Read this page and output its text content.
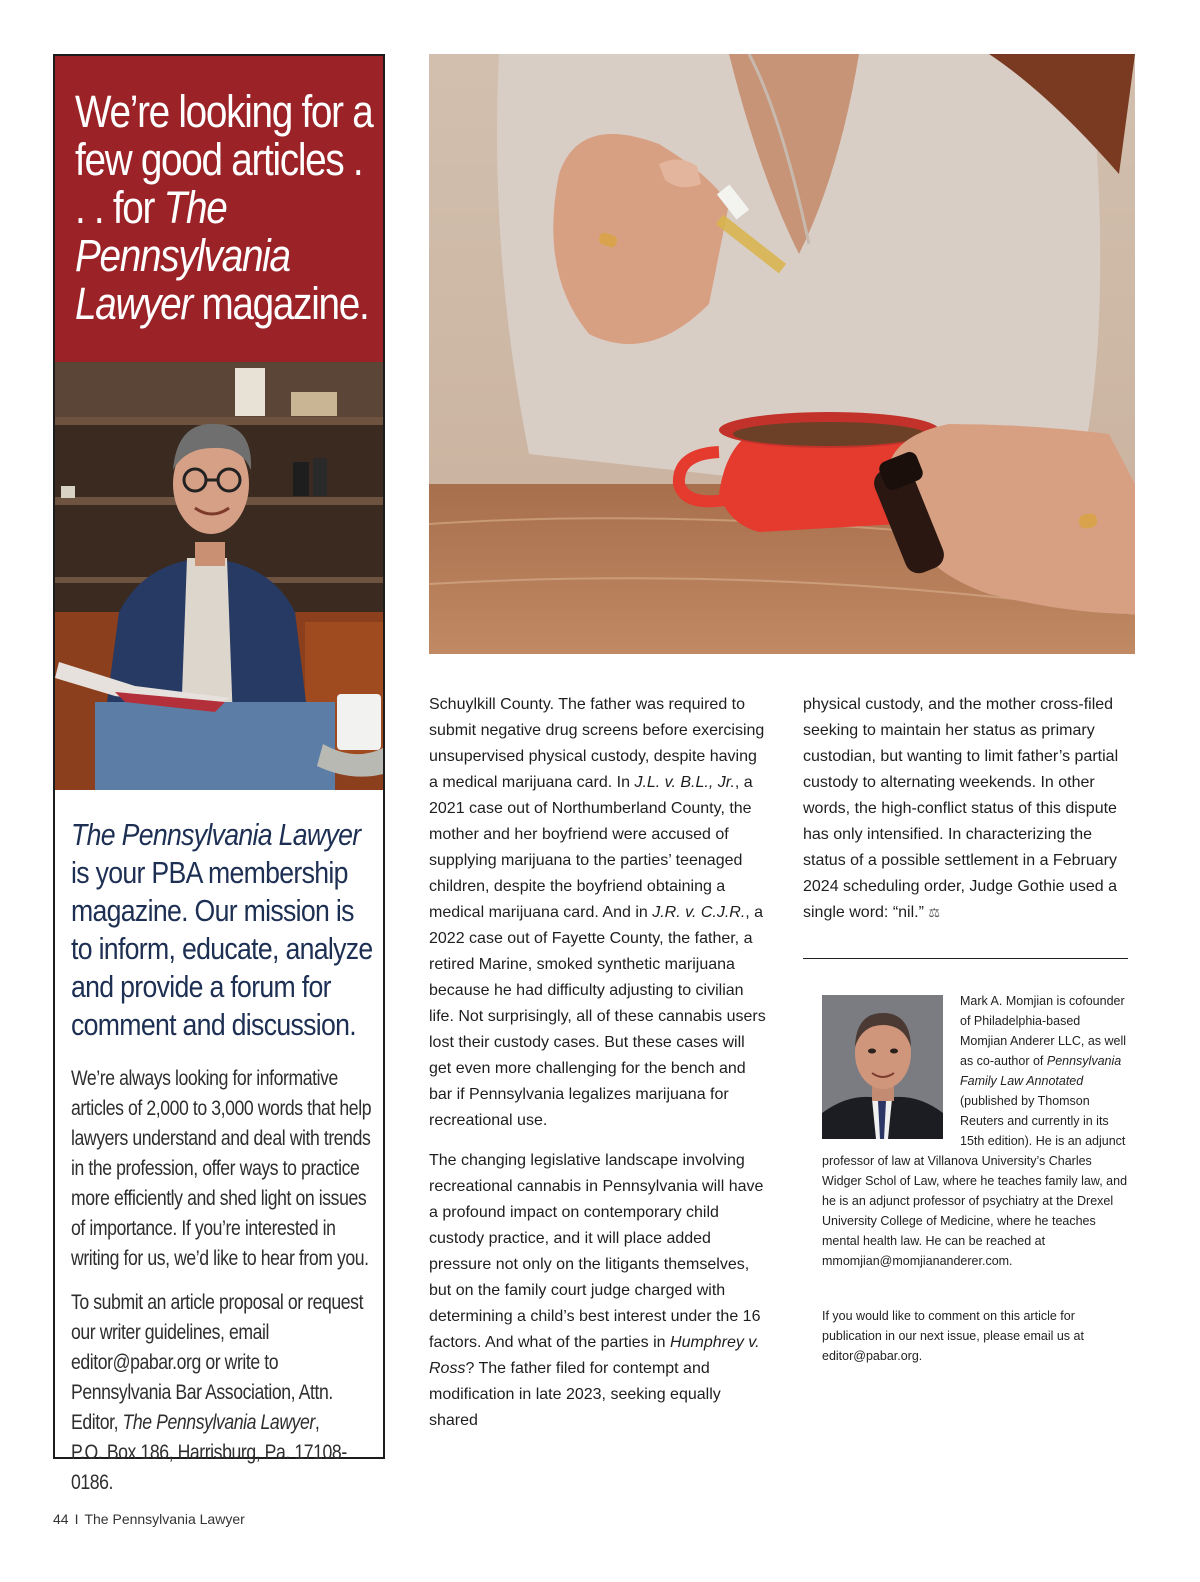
We’re looking for a few good articles . . . for The Pennsylvania Lawyer magazine.
The Pennsylvania Lawyer is your PBA membership magazine. Our mission is to inform, educate, analyze and provide a forum for comment and discussion.
We’re always looking for informative articles of 2,000 to 3,000 words that help lawyers understand and deal with trends in the profession, offer ways to practice more efficiently and shed light on issues of importance. If you’re interested in writing for us, we’d like to hear from you.
To submit an article proposal or request our writer guidelines, email editor@pabar.org or write to Pennsylvania Bar Association, Attn. Editor, The Pennsylvania Lawyer,
P.O. Box 186, Harrisburg, Pa. 17108-0186.

Schuylkill County. The father was required to submit negative drug screens before exercising unsupervised physical custody, despite having a medical marijuana card. In J.L. v. B.L., Jr., a 2021 case out of Northumberland County, the mother and her boyfriend were accused of supplying marijuana to the parties’ teenaged children, despite the boyfriend obtaining a medical marijuana card. And in J.R. v. C.J.R., a 2022 case out of Fayette County, the father, a retired Marine, smoked synthetic marijuana because he had difficulty adjusting to civilian life. Not surprisingly, all of these cannabis users lost their custody cases. But these cases will get even more challenging for the bench and bar if Pennsylvania legalizes marijuana for recreational use.

The changing legislative landscape involving recreational cannabis in Pennsylvania will have a profound impact on contemporary child custody practice, and it will place added pressure not only on the litigants themselves, but on the family court judge charged with determining a child’s best interest under the 16 factors. And what of the parties in Humphrey v. Ross? The father filed for contempt and modification in late 2023, seeking equally shared

physical custody, and the mother cross-filed seeking to maintain her status as primary custodian, but wanting to limit father’s partial custody to alternating weekends. In other words, the high-conflict status of this dispute has only intensified. In characterizing the status of a possible settlement in a February 2024 scheduling order, Judge Gothie used a single word: “nil.” ⚖

Mark A. Momjian is cofounder of Philadelphia-based Momjian Anderer LLC, as well as co-author of Pennsylvania Family Law Annotated (published by Thomson Reuters and currently in its 15th edition). He is an adjunct
professor of law at Villanova University’s Charles Widger Schol of Law, where he teaches family law, and he is an adjunct professor of psychiatry at the Drexel University College of Medicine, where he teaches mental health law. He can be reached at mmomjian@momjiananderer.com.
If you would like to comment on this article for publication in our next issue, please email us at editor@pabar.org.
44 I The Pennsylvania Lawyer
